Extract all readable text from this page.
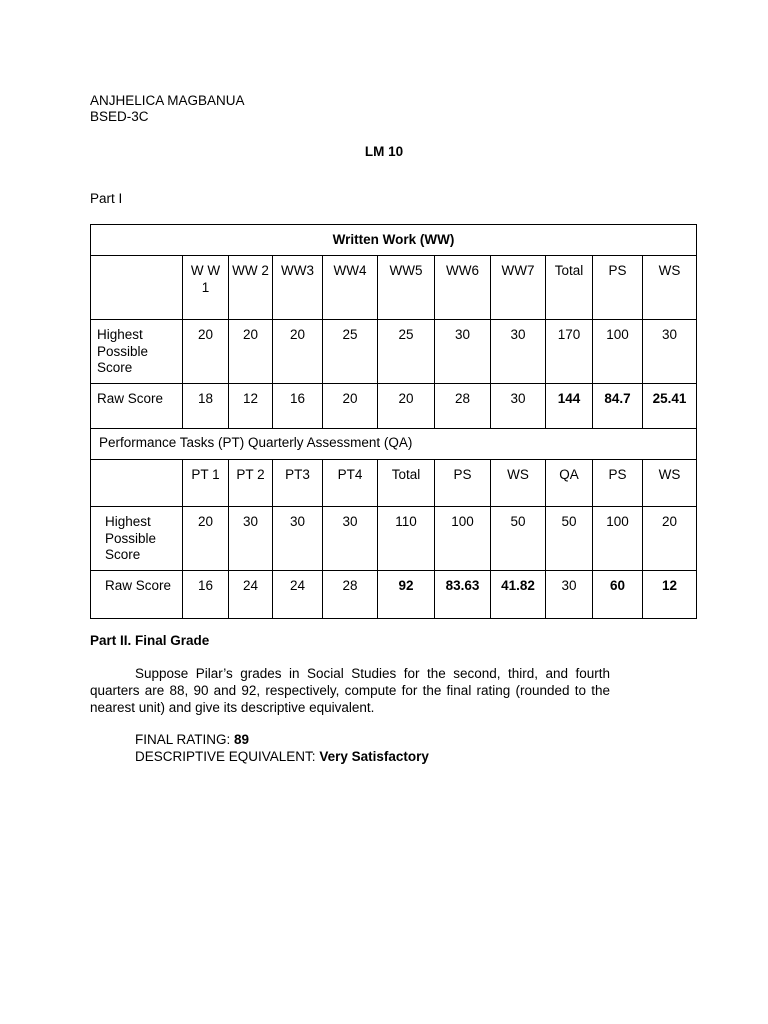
ANJHELICA MAGBANUA
BSED-3C
LM 10
Part I
Written Work (WW)										
	W W 1	WW 2	WW3	WW4	WW5	WW6	WW7	Total	PS	WS
Highest Possible Score	20	20	20	25	25	30	30	170	100	30
Raw Score	18	12	16	20	20	28	30	144	84.7	25.41
Performance Tasks (PT) Quarterly Assessment (QA)										
	PT 1	PT 2	PT3	PT4	Total	PS	WS	QA	PS	WS
Highest Possible Score	20	30	30	30	110	100	50	50	100	20
Raw Score	16	24	24	28	92	83.63	41.82	30	60	12
Part II. Final Grade
Suppose Pilar’s grades in Social Studies for the second, third, and fourth quarters are 88, 90 and 92, respectively, compute for the final rating (rounded to the nearest unit) and give its descriptive equivalent.
FINAL RATING: 89
DESCRIPTIVE EQUIVALENT: Very Satisfactory
